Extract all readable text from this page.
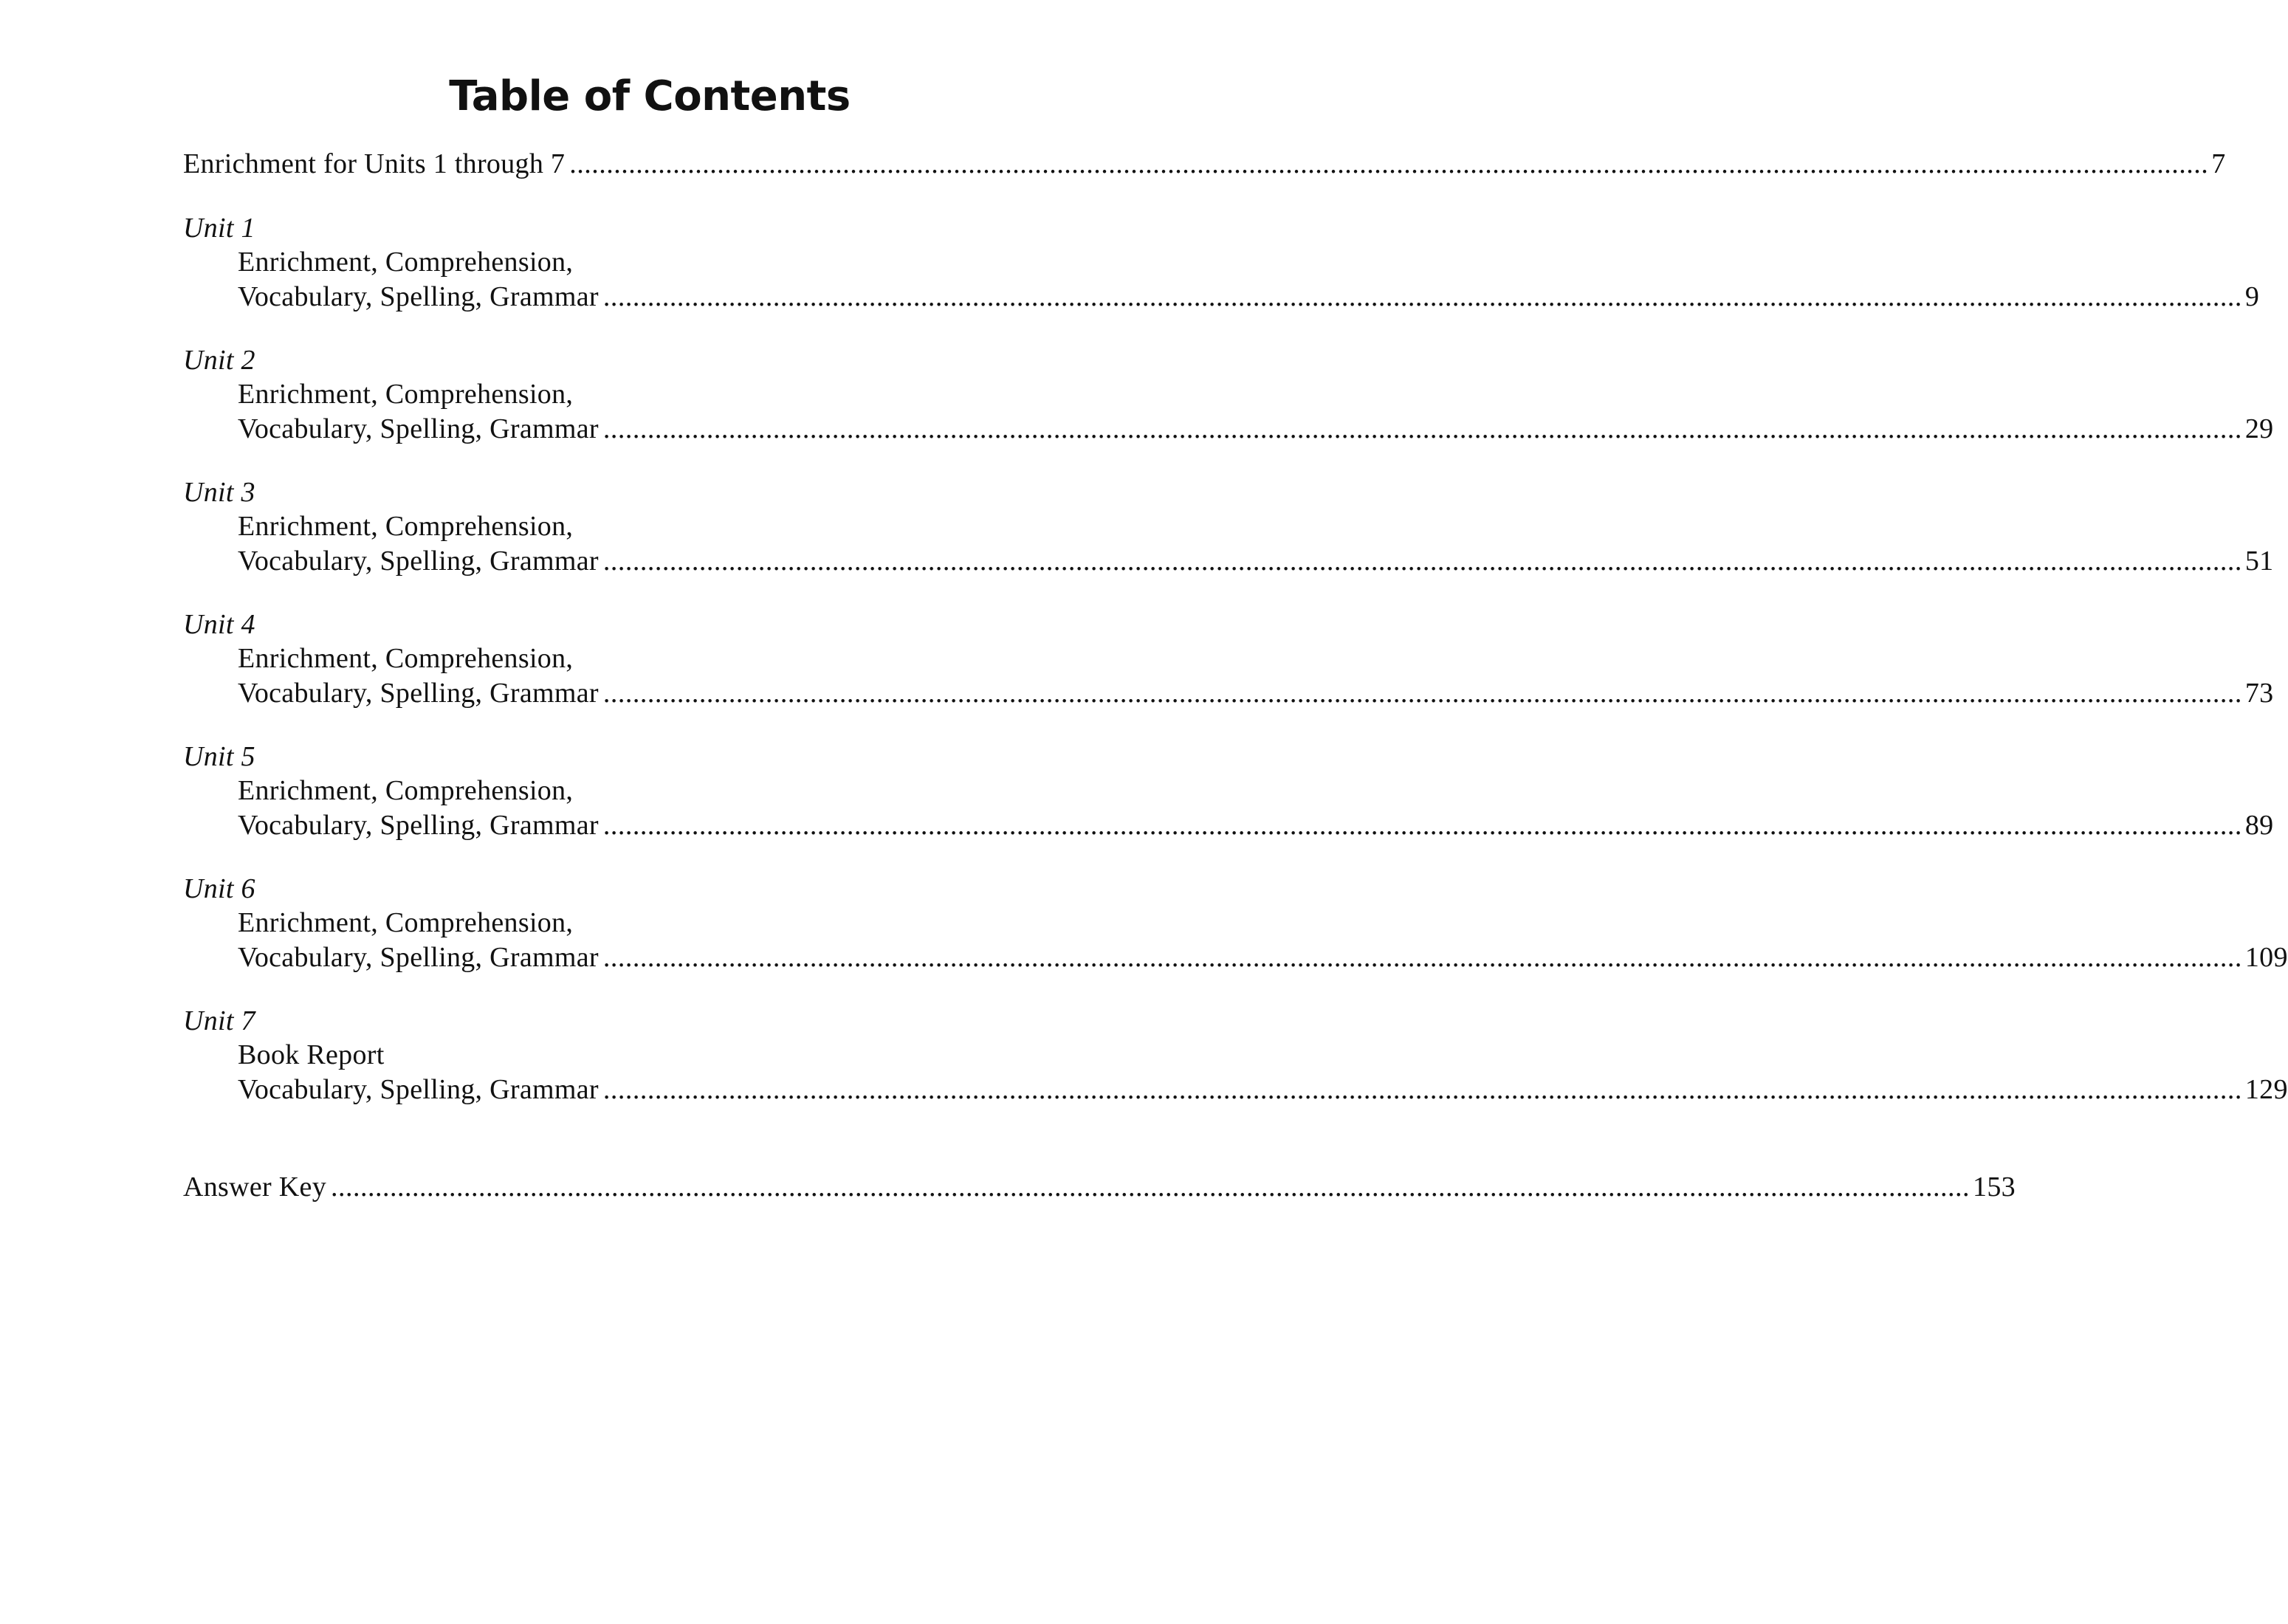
Table of Contents
Enrichment for Units 1 through 7 .............................................................................................................................................................................................................................. 7
Unit 1
Enrichment, Comprehension,
Vocabulary, Spelling, Grammar .............................................................................................................................................................................................................................. 9
Unit 2
Enrichment, Comprehension,
Vocabulary, Spelling, Grammar .............................................................................................................................................................................................................................. 29
Unit 3
Enrichment, Comprehension,
Vocabulary, Spelling, Grammar .............................................................................................................................................................................................................................. 51
Unit 4
Enrichment, Comprehension,
Vocabulary, Spelling, Grammar .............................................................................................................................................................................................................................. 73
Unit 5
Enrichment, Comprehension,
Vocabulary, Spelling, Grammar .............................................................................................................................................................................................................................. 89
Unit 6
Enrichment, Comprehension,
Vocabulary, Spelling, Grammar .............................................................................................................................................................................................................................. 109
Unit 7
Book Report
Vocabulary, Spelling, Grammar .............................................................................................................................................................................................................................. 129
Answer Key .............................................................................................................................................................................................................................. 153
